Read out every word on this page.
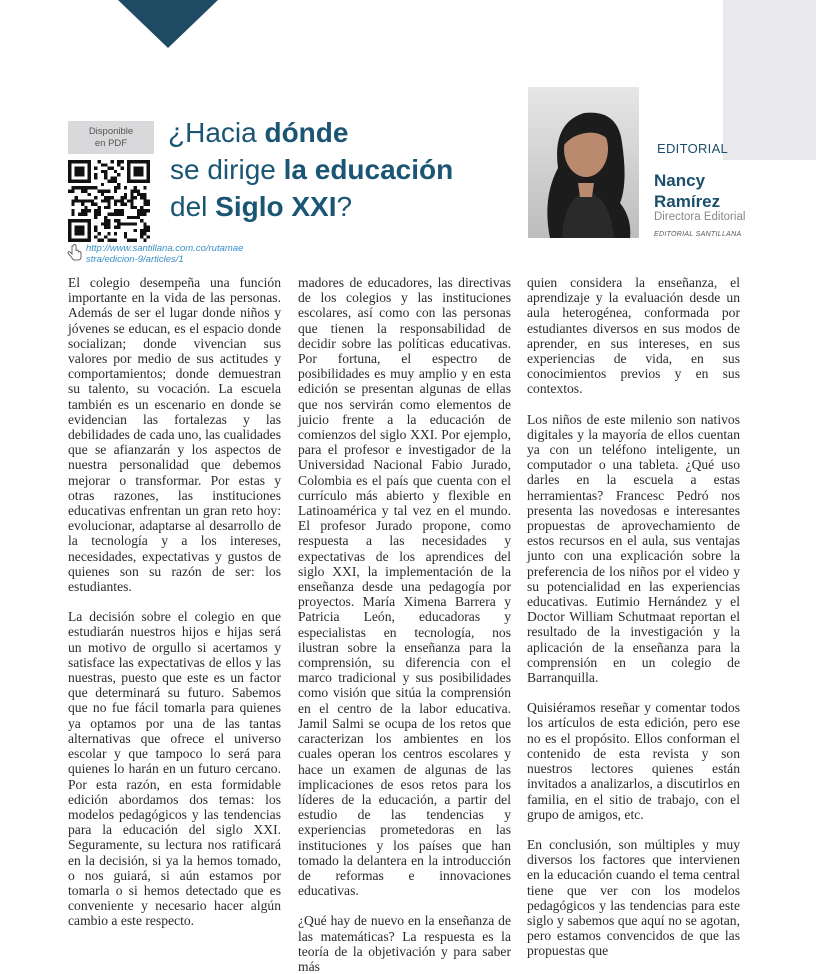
Disponible
en PDF
http://www.santillana.com.co/rutamaestra/edicion-9/articles/1
¿Hacia dónde
se dirige la educación
del Siglo XXI?
EDITORIAL
Nancy
Ramírez
Directora Editorial
EDITORIAL SANTILLANA

El colegio desempeña una función importante en la vida de las personas. Además de ser el lugar donde niños y jóvenes se educan, es el espacio donde socializan; donde vivencian sus valores por medio de sus actitudes y comportamientos; donde demuestran su talento, su vocación. La escuela también es un escenario en donde se evidencian las fortalezas y las debilidades de cada uno, las cualidades que se afianzarán y los aspectos de nuestra personalidad que debemos mejorar o transformar. Por estas y otras razones, las instituciones educativas enfrentan un gran reto hoy: evolucionar, adaptarse al desarrollo de la tecnología y a los intereses, necesidades, expectativas y gustos de quienes son su razón de ser: los estudiantes.

La decisión sobre el colegio en que estudiarán nuestros hijos e hijas será un motivo de orgullo si acertamos y satisface las expectativas de ellos y las nuestras, puesto que este es un factor que determinará su futuro. Sabemos que no fue fácil tomarla para quienes ya optamos por una de las tantas alternativas que ofrece el universo escolar y que tampoco lo será para quienes lo harán en un futuro cercano. Por esta razón, en esta formidable edición abordamos dos temas: los modelos pedagógicos y las tendencias para la educación del siglo XXI. Seguramente, su lectura nos ratificará en la decisión, si ya la hemos tomado, o nos guiará, si aún estamos por tomarla o si hemos detectado que es conveniente y necesario hacer algún cambio a este respecto.

madores de educadores, las directivas de los colegios y las instituciones escolares, así como con las personas que tienen la responsabilidad de decidir sobre las políticas educativas. Por fortuna, el espectro de posibilidades es muy amplio y en esta edición se presentan algunas de ellas que nos servirán como elementos de juicio frente a la educación de comienzos del siglo XXI. Por ejemplo, para el profesor e investigador de la Universidad Nacional Fabio Jurado, Colombia es el país que cuenta con el currículo más abierto y flexible en Latinoamérica y tal vez en el mundo. El profesor Jurado propone, como respuesta a las necesidades y expectativas de los aprendices del siglo XXI, la implementación de la enseñanza desde una pedagogía por proyectos. María Ximena Barrera y Patricia León, educadoras y especialistas en tecnología, nos ilustran sobre la enseñanza para la comprensión, su diferencia con el marco tradicional y sus posibilidades como visión que sitúa la comprensión en el centro de la labor educativa. Jamil Salmi se ocupa de los retos que caracterizan los ambientes en los cuales operan los centros escolares y hace un examen de algunas de las implicaciones de esos retos para los líderes de la educación, a partir del estudio de las tendencias y experiencias prometedoras en las instituciones y los países que han tomado la delantera en la introducción de reformas e innovaciones educativas.

¿Qué hay de nuevo en la enseñanza de las matemáticas? La respuesta es la teoría de la objetivación y para saber más

quien considera la enseñanza, el aprendizaje y la evaluación desde un aula heterogénea, conformada por estudiantes diversos en sus modos de aprender, en sus intereses, en sus experiencias de vida, en sus conocimientos previos y en sus contextos.

Los niños de este milenio son nativos digitales y la mayoría de ellos cuentan ya con un teléfono inteligente, un computador o una tableta. ¿Qué uso darles en la escuela a estas herramientas? Francesc Pedró nos presenta las novedosas e interesantes propuestas de aprovechamiento de estos recursos en el aula, sus ventajas junto con una explicación sobre la preferencia de los niños por el video y su potencialidad en las experiencias educativas. Eutimio Hernández y el Doctor William Schutmaat reportan el resultado de la investigación y la aplicación de la enseñanza para la comprensión en un colegio de Barranquilla.

Quisiéramos reseñar y comentar todos los artículos de esta edición, pero ese no es el propósito. Ellos conforman el contenido de esta revista y son nuestros lectores quienes están invitados a analizarlos, a discutirlos en familia, en el sitio de trabajo, con el grupo de amigos, etc.

En conclusión, son múltiples y muy diversos los factores que intervienen en la educación cuando el tema central tiene que ver con los modelos pedagógicos y las tendencias para este siglo y sabemos que aquí no se agotan, pero estamos convencidos de que las propuestas que
